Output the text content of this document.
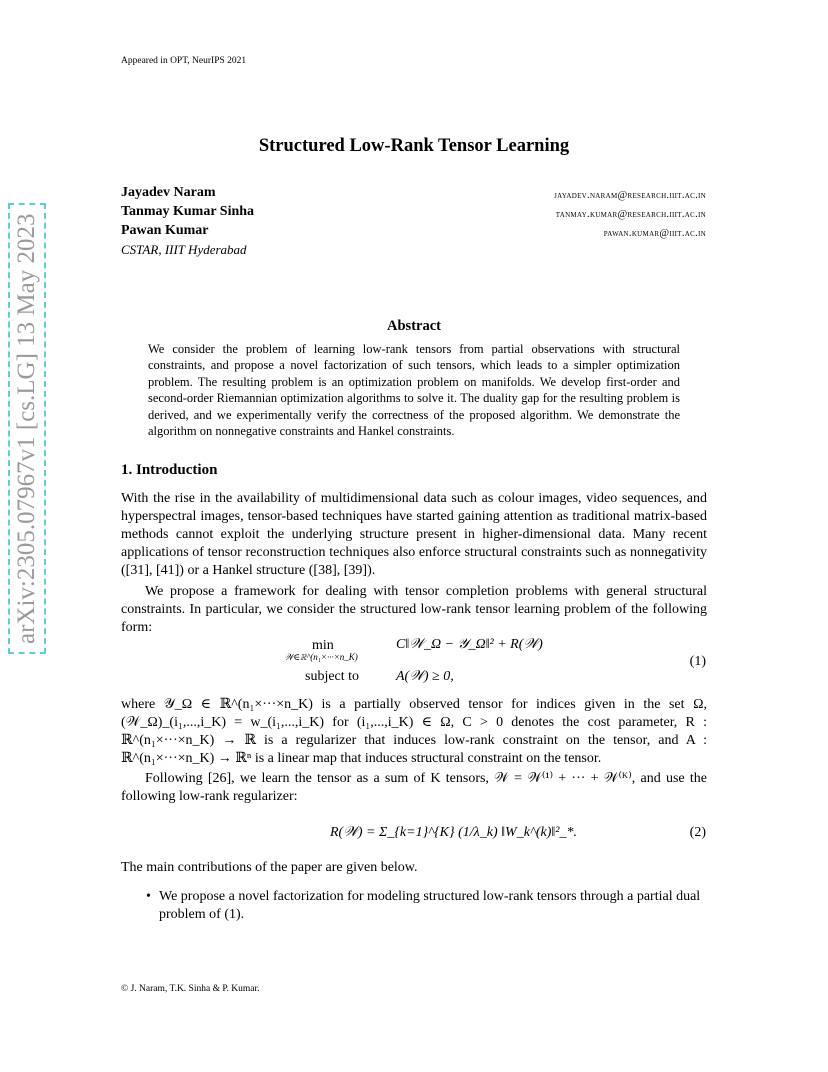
Appeared in OPT, NeurIPS 2021
arXiv:2305.07967v1 [cs.LG] 13 May 2023
Structured Low-Rank Tensor Learning
Jayadev Naram
Tanmay Kumar Sinha
Pawan Kumar
CSTAR, IIIT Hyderabad
jayadev.naram@research.iiit.ac.in
tanmay.kumar@research.iiit.ac.in
pawan.kumar@iiit.ac.in
Abstract
We consider the problem of learning low-rank tensors from partial observations with structural constraints, and propose a novel factorization of such tensors, which leads to a simpler optimization problem. The resulting problem is an optimization problem on manifolds. We develop first-order and second-order Riemannian optimization algorithms to solve it. The duality gap for the resulting problem is derived, and we experimentally verify the correctness of the proposed algorithm. We demonstrate the algorithm on nonnegative constraints and Hankel constraints.
1. Introduction
With the rise in the availability of multidimensional data such as colour images, video sequences, and hyperspectral images, tensor-based techniques have started gaining attention as traditional matrix-based methods cannot exploit the underlying structure present in higher-dimensional data. Many recent applications of tensor reconstruction techniques also enforce structural constraints such as nonnegativity ([31], [41]) or a Hankel structure ([38], [39]).
We propose a framework for dealing with tensor completion problems with general structural constraints. In particular, we consider the structured low-rank tensor learning problem of the following form:
min
𝒲∈ℝ^(n₁×···×n_K)
C‖𝒲_Ω − 𝒴_Ω‖² + R(𝒲)
subject to	A(𝒲) ≥ 0,
(1)
where 𝒴_Ω ∈ ℝ^(n₁×···×n_K) is a partially observed tensor for indices given in the set Ω, (𝒲_Ω)_(i₁,...,i_K) = w_(i₁,...,i_K) for (i₁,...,i_K) ∈ Ω, C > 0 denotes the cost parameter, R : ℝ^(n₁×···×n_K) → ℝ is a regularizer that induces low-rank constraint on the tensor, and A : ℝ^(n₁×···×n_K) → ℝⁿ is a linear map that induces structural constraint on the tensor.
Following [26], we learn the tensor as a sum of K tensors, 𝒲 = 𝒲⁽¹⁾ + ··· + 𝒲⁽ᴷ⁾, and use the following low-rank regularizer:
R(𝒲) = Σ_{k=1}^{K} (1/λ_k) ‖W_k^(k)‖²_*.	(2)
The main contributions of the paper are given below.
• We propose a novel factorization for modeling structured low-rank tensors through a partial dual problem of (1).
© J. Naram, T.K. Sinha & P. Kumar.
